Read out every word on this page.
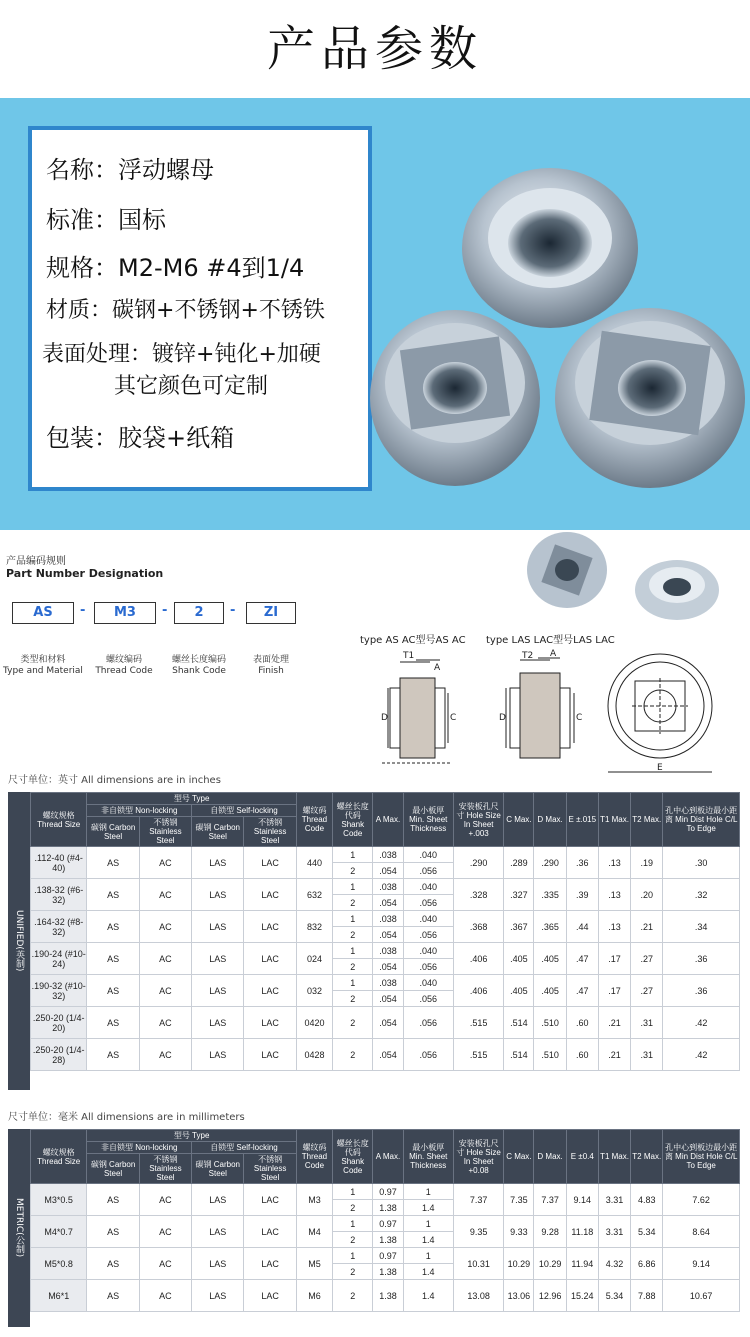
产品参数
名称：浮动螺母
标准：国标
规格：M2-M6 #4到1/4
材质：碳钢+不锈钢+不锈铁
表面处理：镀锌+钝化+加硬
其它颜色可定制
包装：胶袋+纸箱
产品编码规则
Part Number Designation
AS	-	M3	-	2	-	ZI
类型和材料
Type and Material
螺纹编码
Thread Code
螺丝长度编码
Shank Code
表面处理
Finish
type AS AC型号AS AC type LAS LAC型号LAS LAC
T1
A
D	C
T2 A
D	C
E
尺寸单位：英寸 All dimensions are in inches
UNIFIED(英制)
螺纹规格 Thread Size	型号 Type				螺纹码 Thread Code	螺丝长度代码 Shank Code	A Max.	最小板厚 Min. Sheet Thickness	安装板孔尺寸 Hole Size In Sheet +.003	C Max.	D Max.	E ±.015	T1 Max.	T2 Max.	孔中心到板边最小距离 Min Dist Hole C/L To Edge
	非自锁型 Non-locking		自锁型 Self-locking												
	碳钢 Carbon Steel	不锈钢 Stainless Steel	碳钢 Carbon Steel	不锈钢 Stainless Steel											
.112-40 (#4-40)	AS	AC	LAS	LAC	440	1	.038	.040	.290	.289	.290	.36	.13	.19	.30
						2	.054	.056							
.138-32 (#6-32)	AS	AC	LAS	LAC	632	1	.038	.040	.328	.327	.335	.39	.13	.20	.32
						2	.054	.056							
.164-32 (#8-32)	AS	AC	LAS	LAC	832	1	.038	.040	.368	.367	.365	.44	.13	.21	.34
						2	.054	.056							
.190-24 (#10-24)	AS	AC	LAS	LAC	024	1	.038	.040	.406	.405	.405	.47	.17	.27	.36
						2	.054	.056							
.190-32 (#10-32)	AS	AC	LAS	LAC	032	1	.038	.040	.406	.405	.405	.47	.17	.27	.36
						2	.054	.056							
.250-20 (1/4-20)	AS	AC	LAS	LAC	0420	2	.054	.056	.515	.514	.510	.60	.21	.31	.42
.250-20 (1/4-28)	AS	AC	LAS	LAC	0428	2	.054	.056	.515	.514	.510	.60	.21	.31	.42
尺寸单位：毫米 All dimensions are in millimeters
METRIC(公制)
螺纹规格 Thread Size	型号 Type				螺纹码 Thread Code	螺丝长度代码 Shank Code	A Max.	最小板厚 Min. Sheet Thickness	安装板孔尺寸 Hole Size In Sheet +0.08	C Max.	D Max.	E ±0.4	T1 Max.	T2 Max.	孔中心到板边最小距离 Min Dist Hole C/L To Edge
	非自锁型 Non-locking		自锁型 Self-locking												
	碳钢 Carbon Steel	不锈钢 Stainless Steel	碳钢 Carbon Steel	不锈钢 Stainless Steel											
M3*0.5	AS	AC	LAS	LAC	M3	1	0.97	1	7.37	7.35	7.37	9.14	3.31	4.83	7.62
						2	1.38	1.4							
M4*0.7	AS	AC	LAS	LAC	M4	1	0.97	1	9.35	9.33	9.28	11.18	3.31	5.34	8.64
						2	1.38	1.4							
M5*0.8	AS	AC	LAS	LAC	M5	1	0.97	1	10.31	10.29	10.29	11.94	4.32	6.86	9.14
						2	1.38	1.4							
M6*1	AS	AC	LAS	LAC	M6	2	1.38	1.4	13.08	13.06	12.96	15.24	5.34	7.88	10.67
